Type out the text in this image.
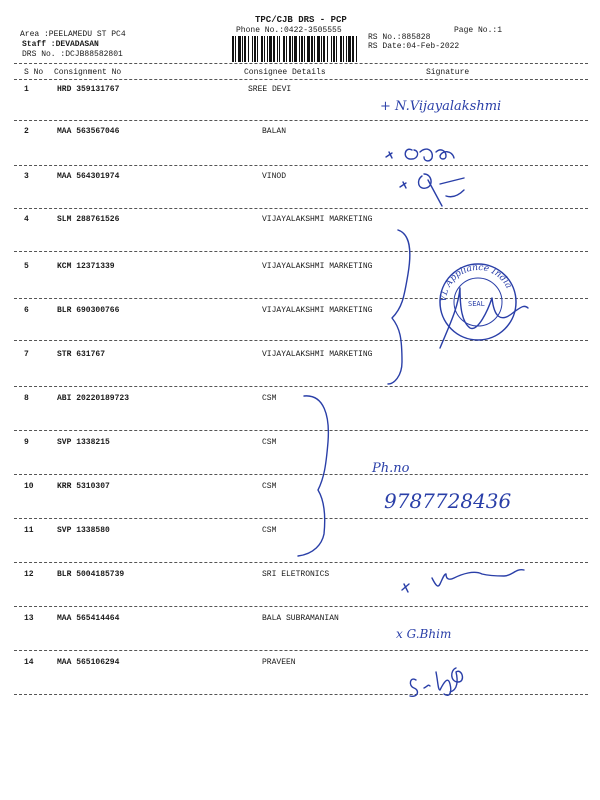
TPC/CJB DRS - PCP
Phone No.:0422-3505555	Page No.:1
Area :PEELAMEDU ST PC4
Staff :DEVADASAN
DRS No. :DCJB88582801
RS No.:885828
RS Date:04-Feb-2022
S No Consignment No	Consignee Details	Signature
1	HRD 359131767	SREE DEVI
2	MAA 563567046	BALAN
3	MAA 564301974	VINOD
4	SLM 288761526	VIJAYALAKSHMI MARKETING
5	KCM 12371339	VIJAYALAKSHMI MARKETING
6	BLR 690300766	VIJAYALAKSHMI MARKETING
7	STR 631767	VIJAYALAKSHMI MARKETING
8	ABI 20220189723	CSM
9	SVP 1338215	CSM
10	KRR 5310307	CSM
11	SVP 1338580	CSM
12	BLR 5004185739	SRI ELETRONICS
13	MAA 565414464	BALA SUBRAMANIAN
14	MAA 565106294	PRAVEEN
+ N.Vijayalakshmi
VL Appliance India
SEAL
Ph.no
9787728436
x G.Bhim
